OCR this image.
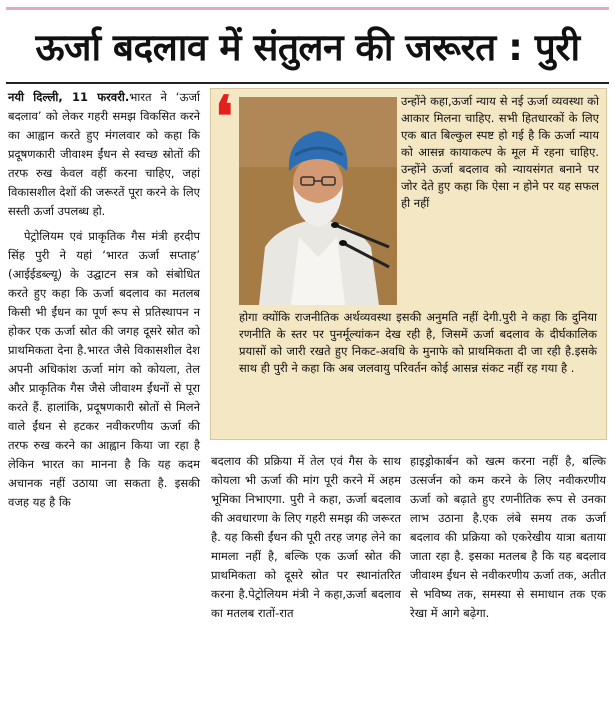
ऊर्जा बदलाव में संतुलन की जरूरत : पुरी

नयी दिल्ली, 11 फरवरी.भारत ने ‘ऊर्जा बदलाव’ को लेकर गहरी समझ विकसित करने का आह्वान करते हुए मंगलवार को कहा कि प्रदूषणकारी जीवाश्म ईंधन से स्वच्छ स्रोतों की तरफ रुख केवल वहीं करना चाहिए, जहां विकासशील देशों की जरूरतें पूरा करने के लिए सस्ती ऊर्जा उपलब्ध हो.

पेट्रोलियम एवं प्राकृतिक गैस मंत्री हरदीप सिंह पुरी ने यहां ‘भारत ऊर्जा सप्ताह’ (आईईडब्ल्यू) के उद्घाटन सत्र को संबोधित करते हुए कहा कि ऊर्जा बदलाव का मतलब किसी भी ईंधन का पूर्ण रूप से प्रतिस्थापन न होकर एक ऊर्जा स्रोत की जगह दूसरे स्रोत को प्राथमिकता देना है.भारत जैसे विकासशील देश अपनी अधिकांश ऊर्जा मांग को कोयला, तेल और प्राकृतिक गैस जैसे जीवाश्म ईंधनों से पूरा करते हैं. हालांकि, प्रदूषणकारी स्रोतों से मिलने वाले ईंधन से हटकर नवीकरणीय ऊर्जा की तरफ रुख करने का आह्वान किया जा रहा है लेकिन भारत का मानना है कि यह कदम अचानक नहीं उठाया जा सकता है. इसकी वजह यह है कि

❛	उन्होंने कहा,ऊर्जा न्याय से नई ऊर्जा व्यवस्था को आकार मिलना चाहिए. सभी हितधारकों के लिए एक बात बिल्कुल स्पष्ट हो गई है कि ऊर्जा न्याय को आसन्न कायाकल्प के मूल में रहना चाहिए. उन्होंने ऊर्जा बदलाव को न्यायसंगत बनाने पर जोर देते हुए कहा कि ऐसा न होने पर यह सफल ही नहीं

होगा क्योंकि राजनीतिक अर्थव्यवस्था इसकी अनुमति नहीं देगी.पुरी ने कहा कि दुनिया रणनीति के स्तर पर पुनर्मूल्यांकन देख रही है, जिसमें ऊर्जा बदलाव के दीर्घकालिक प्रयासों को जारी रखते हुए निकट-अवधि के मुनाफे को प्राथमिकता दी जा रही है.इसके साथ ही पुरी ने कहा कि अब जलवायु परिवर्तन कोई आसन्न संकट नहीं रह गया है .

बदलाव की प्रक्रिया में तेल एवं गैस के साथ कोयला भी ऊर्जा की मांग पूरी करने में अहम भूमिका निभाएगा. पुरी ने कहा, ऊर्जा बदलाव की अवधारणा के लिए गहरी समझ की जरूरत है. यह किसी ईंधन की पूरी तरह जगह लेने का मामला नहीं है, बल्कि एक ऊर्जा स्रोत की प्राथमिकता को दूसरे स्रोत पर स्थानांतरित करना है.पेट्रोलियम मंत्री ने कहा,ऊर्जा बदलाव का मतलब रातों-रात

हाइड्रोकार्बन को खत्म करना नहीं है, बल्कि उत्सर्जन को कम करने के लिए नवीकरणीय ऊर्जा को बढ़ाते हुए रणनीतिक रूप से उनका लाभ उठाना है.एक लंबे समय तक ऊर्जा बदलाव की प्रक्रिया को एकरेखीय यात्रा बताया जाता रहा है. इसका मतलब है कि यह बदलाव जीवाश्म ईंधन से नवीकरणीय ऊर्जा तक, अतीत से भविष्य तक, समस्या से समाधान तक एक रेखा में आगे बढ़ेगा.
